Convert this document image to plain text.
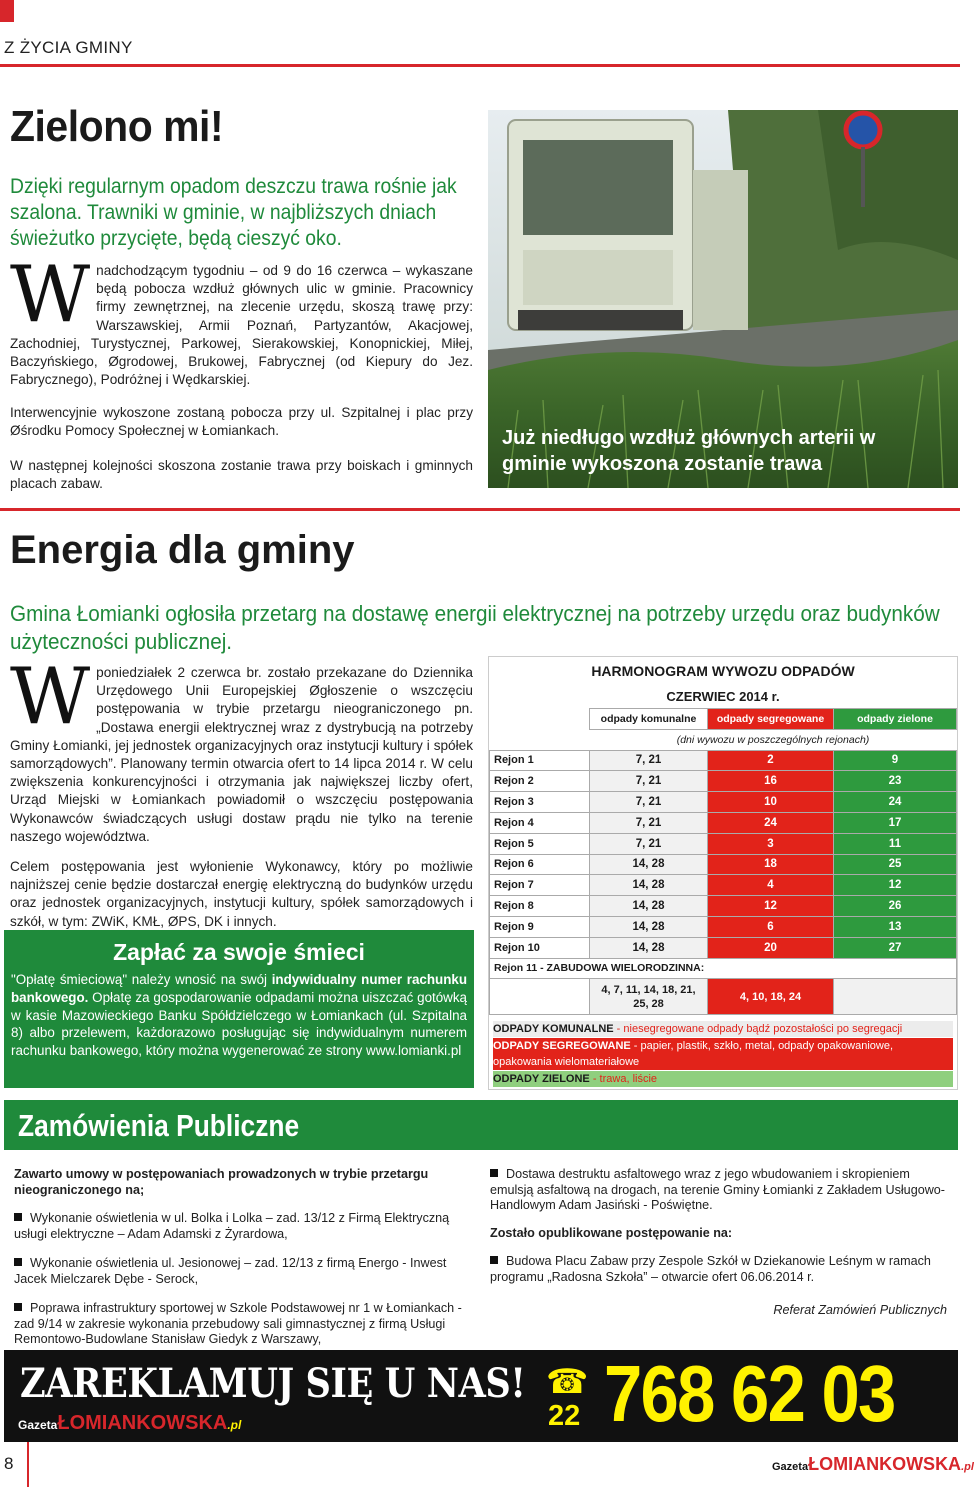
Z ŻYCIA GMINY
Zielono mi!
Dzięki regularnym opadom deszczu trawa rośnie jak szalona. Trawniki w gminie, w najbliższych dniach świeżutko przycięte, będą cieszyć oko.
W nadchodzącym tygodniu – od 9 do 16 czerwca – wykaszane będą pobocza wzdłuż głównych ulic w gminie. Pracownicy firmy zewnętrznej, na zlecenie urzędu, skoszą trawę przy: Warszawskiej, Armii Poznań, Partyzantów, Akacjowej, Zachodniej, Turystycznej, Parkowej, Sierakowskiej, Konopnickiej, Miłej, Baczyńskiego, Øgrodowej, Brukowej, Fabrycznej (od Kiepury do Jez. Fabrycznego), Podróżnej i Wędkarskiej.
Interwencyjnie wykoszone zostaną pobocza przy ul. Szpitalnej i plac przy Øśrodku Pomocy Społecznej w Łomiankach.
W następnej kolejności skoszona zostanie trawa przy boiskach i gminnych placach zabaw.
Już niedługo wzdłuż głównych arterii w gminie wykoszona zostanie trawa
Energia dla gminy
Gmina Łomianki ogłosiła przetarg na dostawę energii elektrycznej na potrzeby urzędu oraz budynków użyteczności publicznej.
W poniedziałek 2 czerwca br. zostało przekazane do Dziennika Urzędowego Unii Europejskiej Øgłoszenie o wszczęciu postępowania w trybie przetargu nieograniczonego pn. „Dostawa energii elektrycznej wraz z dystrybucją na potrzeby Gminy Łomianki, jej jednostek organizacyjnych oraz instytucji kultury i spółek samorządowych”. Planowany termin otwarcia ofert to 14 lipca 2014 r. W celu zwiększenia konkurencyjności i otrzymania jak największej liczby ofert, Urząd Miejski w Łomiankach powiadomił o wszczęciu postępowania Wykonawców świadczących usługi dostaw prądu nie tylko na terenie naszego województwa.
Celem postępowania jest wyłonienie Wykonawcy, który po możliwie najniższej cenie będzie dostarczał energię elektryczną do budynków urzędu oraz jednostek organizacyjnych, instytucji kultury, spółek samorządowych i szkół, w tym: ZWiK, KMŁ, ØPS, DK i innych.
HARMONOGRAM WYWOZU ODPADÓW
CZERWIEC 2014 r.
	odpady komunalne	odpady segregowane	odpady zielone
	(dni wywozu w poszczególnych rejonach)		
Rejon 1	7, 21	2	9
Rejon 2	7, 21	16	23
Rejon 3	7, 21	10	24
Rejon 4	7, 21	24	17
Rejon 5	7, 21	3	11
Rejon 6	14, 28	18	25
Rejon 7	14, 28	4	12
Rejon 8	14, 28	12	26
Rejon 9	14, 28	6	13
Rejon 10	14, 28	20	27
Rejon 11 - ZABUDOWA WIELORODZINNA:			
	4, 7, 11, 14, 18, 21, 25, 28	4, 10, 18, 24	
ODPADY KOMUNALNE - niesegregowane odpady bądź pozostałości po segregacji
ODPADY SEGREGOWANE - papier, plastik, szkło, metal, odpady opakowaniowe, opakowania wielomateriałowe
ODPADY ZIELONE - trawa, liście
Zapłać za swoje śmieci
"Opłatę śmieciową" należy wnosić na swój indywidualny numer rachunku bankowego. Opłatę za gospodarowanie odpadami można uiszczać gotówką w kasie Mazowieckiego Banku Spółdzielczego w Łomiankach (ul. Szpitalna 8) albo przelewem, każdorazowo posługując się indywidualnym numerem rachunku bankowego, który można wygenerować ze strony www.lomianki.pl
Zamówienia Publiczne
Zawarto umowy w postępowaniach prowadzonych w trybie przetargu nieograniczonego na;
Wykonanie oświetlenia w ul. Bolka i Lolka – zad. 13/12 z Firmą Elektryczną usługi elektryczne – Adam Adamski z Żyrardowa,
Wykonanie oświetlenia ul. Jesionowej – zad. 12/13 z firmą Energo - Inwest Jacek Mielczarek Dębe - Serock,
Poprawa infrastruktury sportowej w Szkole Podstawowej nr 1 w Łomiankach - zad 9/14 w zakresie wykonania przebudowy sali gimnastycznej z firmą Usługi Remontowo-Budowlane Stanisław Giedyk z Warszawy,
Dostawa destruktu asfaltowego wraz z jego wbudowaniem i skropieniem emulsją asfaltową na drogach, na terenie Gminy Łomianki z Zakładem Usługowo-Handlowym Adam Jasiński - Poświętne.
Zostało opublikowane postępowanie na:
Budowa Placu Zabaw przy Zespole Szkół w Dziekanowie Leśnym w ramach programu „Radosna Szkoła” – otwarcie ofert 06.06.2014 r.
Referat Zamówień Publicznych
ZAREKLAMUJ SIĘ U NAS!
GazetaŁOMIANKOWSKA.pl
☎
22 768 62 03
8	GazetaŁOMIANKOWSKA.pl
